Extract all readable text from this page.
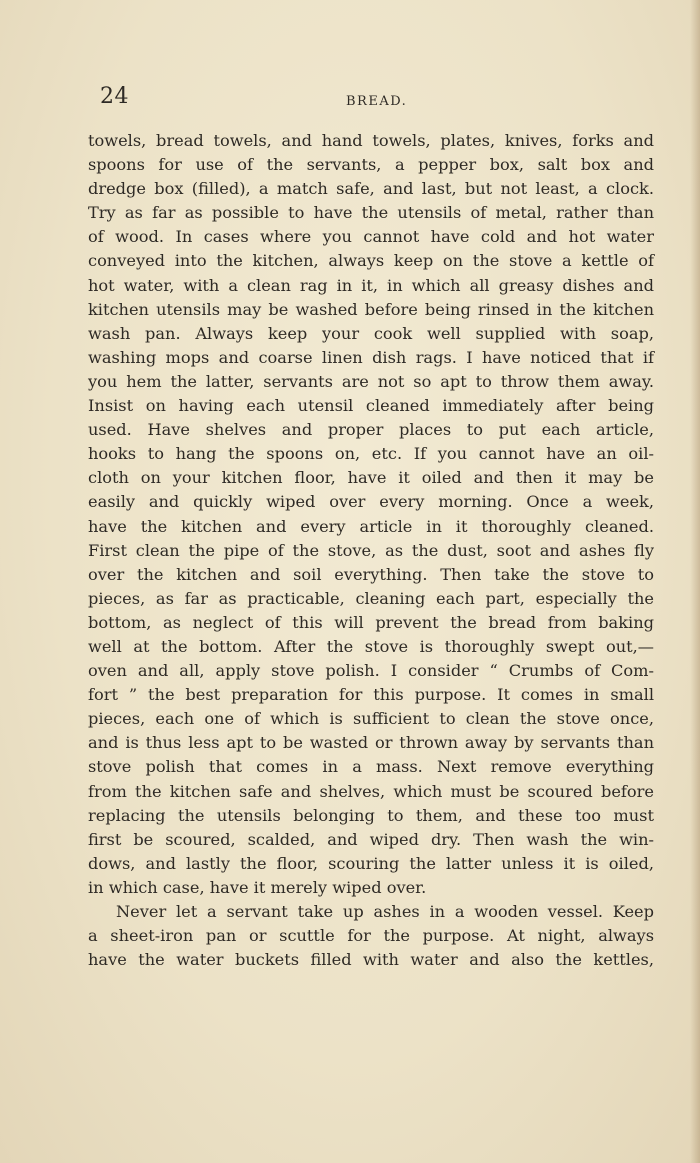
24	BREAD.
towels, bread towels, and hand towels, plates, knives, forks and
spoons for use of the servants, a pepper box, salt box and
dredge box (filled), a match safe, and last, but not least, a clock.
Try as far as possible to have the utensils of metal, rather than
of wood. In cases where you cannot have cold and hot water
conveyed into the kitchen, always keep on the stove a kettle of
hot water, with a clean rag in it, in which all greasy dishes and
kitchen utensils may be washed before being rinsed in the kitchen
wash pan. Always keep your cook well supplied with soap,
washing mops and coarse linen dish rags. I have noticed that if
you hem the latter, servants are not so apt to throw them away.
Insist on having each utensil cleaned immediately after being
used. Have shelves and proper places to put each article,
hooks to hang the spoons on, etc. If you cannot have an oil-
cloth on your kitchen floor, have it oiled and then it may be
easily and quickly wiped over every morning. Once a week,
have the kitchen and every article in it thoroughly cleaned.
First clean the pipe of the stove, as the dust, soot and ashes fly
over the kitchen and soil everything. Then take the stove to
pieces, as far as practicable, cleaning each part, especially the
bottom, as neglect of this will prevent the bread from baking
well at the bottom. After the stove is thoroughly swept out,—
oven and all, apply stove polish. I consider “ Crumbs of Com-
fort ” the best preparation for this purpose. It comes in small
pieces, each one of which is sufficient to clean the stove once,
and is thus less apt to be wasted or thrown away by servants than
stove polish that comes in a mass. Next remove everything
from the kitchen safe and shelves, which must be scoured before
replacing the utensils belonging to them, and these too must
first be scoured, scalded, and wiped dry. Then wash the win-
dows, and lastly the floor, scouring the latter unless it is oiled,
in which case, have it merely wiped over.
Never let a servant take up ashes in a wooden vessel. Keep
a sheet-iron pan or scuttle for the purpose. At night, always
have the water buckets filled with water and also the kettles,
